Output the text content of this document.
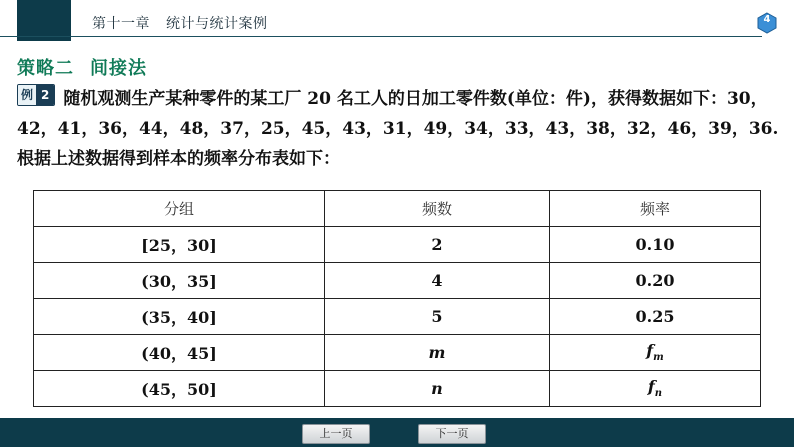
第十一章 统计与统计案例	4
策略二 间接法
例 2 随机观测生产某种零件的某工厂 20 名工人的日加工零件数(单位：件)，获得数据如下：30，42，41，36，44，48，37，25，45，43，31，49，34，33，43，38，32，46，39，36.根据上述数据得到样本的频率分布表如下：
分组	频数	频率
[25，30]	2	0.10
(30，35]	4	0.20
(35，40]	5	0.25
(40，45]	m	$f_m$
(45，50]	n	$f_n$
上一页	下一页
